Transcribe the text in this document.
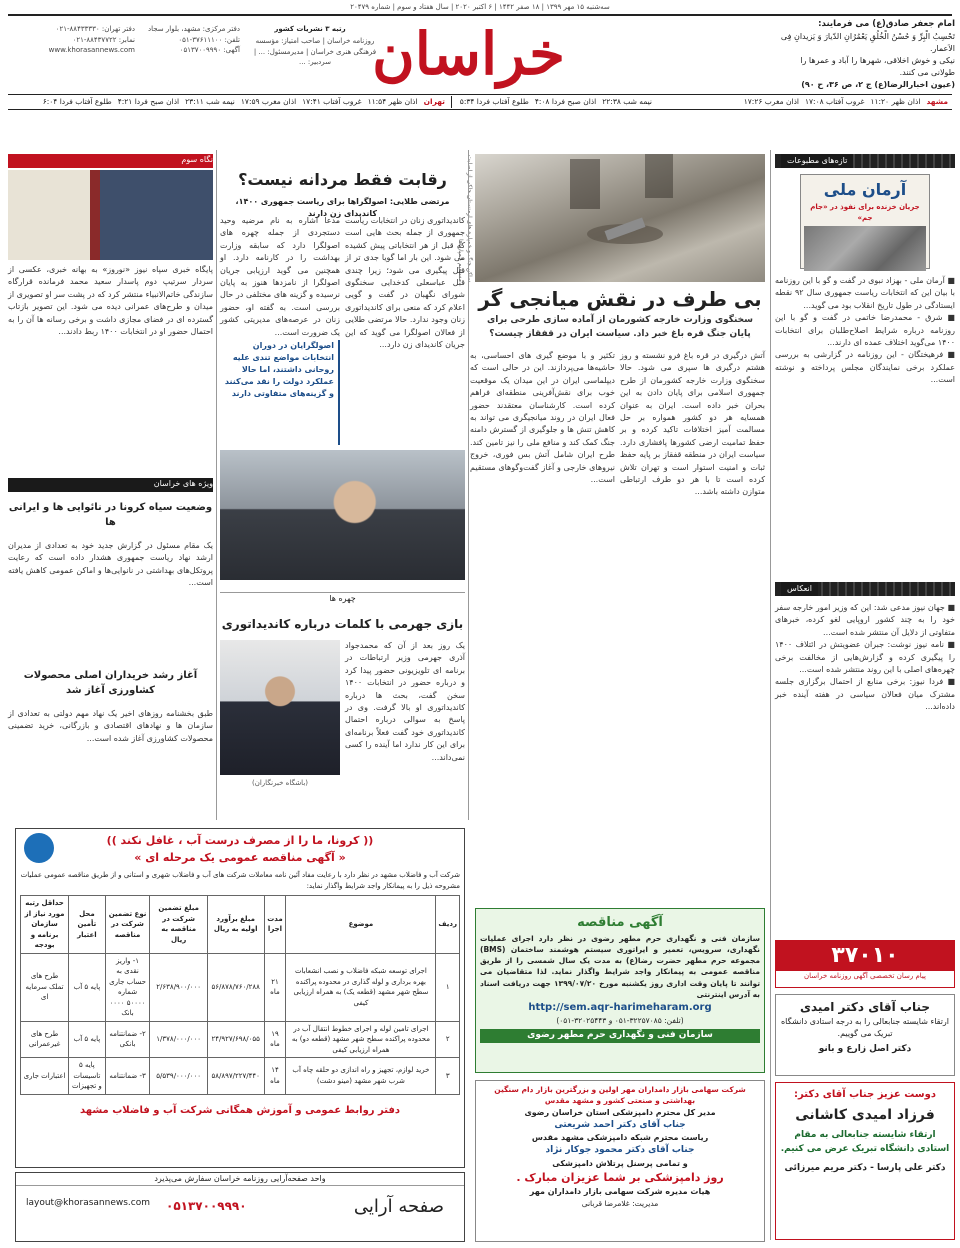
سه‌شنبه ۱۵ مهر ۱۳۹۹ | ۱۸ صفر ۱۴۴۲ | ۶ اکتبر ۲۰۲۰ | سال هفتاد و سوم | شماره ۲۰۴۷۹
امام جعفر صادق(ع) می فرمایند:
تَحْسِبُ الْبِرِّ وَ حُسْنُ الْخُلُقِ يَعْمُرُانِ الدّيارَ وَ يَزيدانِ فِى الاَعمار.
نیکی و خوش اخلاقی، شهرها را آباد و عمرها را طولانی می کنند.
(عیون اخبارالرضا(ع) ج ۲، ص ۳۶، ح ۹۰)
خراسان
رتبه ۳ نشریات کشور
روزنامه خراسان | صاحب امتیاز: مؤسسه فرهنگی هنری خراسان | مدیرمسئول: ... | سردبیر: ...
دفتر مرکزی: مشهد، بلوار سجاد
تلفن: ۳۷۶۱۱۱۰۰-۰۵۱
آگهی: ۰۵۱۳۷۰۰۹۹۹۰
دفتر تهران: ۸۸۴۳۳۳۳۰-۰۲۱
نمابر: ۸۸۴۳۷۷۲۲-۰۲۱
www.khorasannews.com
مشهد
اذان ظهر ۱۱:۲۰
غروب آفتاب ۱۷:۰۸
اذان مغرب ۱۷:۲۶
نیمه شب ۲۲:۳۸
اذان صبح فردا ۴:۰۸
طلوع آفتاب فردا ۵:۳۴
تهران
اذان ظهر ۱۱:۵۴
غروب آفتاب ۱۷:۴۱
اذان مغرب ۱۷:۵۹
نیمه شب ۲۳:۱۱
اذان صبح فردا ۴:۲۱
طلوع آفتاب فردا ۶:۰۴
تازه‌های مطبوعات
آرمان ملی
جریان خزنده برای نفوذ در «جام جم»
■ آرمان ملی - بهزاد نبوی در گفت و گو با این روزنامه با بیان این که انتخابات ریاست جمهوری سال ۹۲ نقطه ایستادگی در طول تاریخ انقلاب بود می گوید...
■ شرق - محمدرضا خاتمی در گفت و گو با این روزنامه درباره شرایط اصلاح‌طلبان برای انتخابات ۱۴۰۰ می‌گوید اختلاف عمده ای دارند...
■ فرهیختگان - این روزنامه در گزارشی به بررسی عملکرد برخی نمایندگان مجلس پرداخته و نوشته است...
انعکاس
■ جهان نیوز مدعی شد: این که وزیر امور خارجه سفر خود را به چند کشور اروپایی لغو کرده، خبرهای متفاوتی از دلایل آن منتشر شده است...
■ نامه نیوز نوشت: جبران عضویتش در ائتلاف ۱۴۰۰ را پیگیری کرده و گزارش‌هایی از مخالفت برخی چهره‌های اصلی با این روند منتشر شده است...
■ فردا نیوز: برخی منابع از احتمال برگزاری جلسه مشترک میان فعالان سیاسی در هفته آینده خبر داده‌اند...
۳۷۰۱۰
پیام رسان تخصصی آگهی روزنامه خراسان
جناب آقای دکتر امیدی
ارتقاء شایسته جنابعالی را به درجه استادی دانشگاه تبریک می گوییم.
دکتر اصل زارع و بانو
دوست عزیز جناب آقای دکتر:
فرزاد امیدی کاشانی
ارتقاء شایسته جنابعالی به مقام استادی دانشگاه تبریک عرض می کنیم.
دکتر علی پارسا - دکتر مریم میرزائی
ساکن جنگ و خمپاره های ارمنستان حاکی از اصابت مستقیم خمپاره‌ها
بی طرف در نقش میانجی گر
سخنگوی وزارت خارجه کشورمان از آماده سازی طرحی برای پایان جنگ قره باغ خبر داد. سیاست ایران در قفقاز چیست؟
آتش درگیری در قره باغ فرو نشسته و روز هشتم درگیری ها سپری می شود. حالا سخنگوی وزارت خارجه کشورمان از طرح جمهوری اسلامی برای پایان دادن به این بحران خبر داده است. ایران به عنوان همسایه هر دو کشور همواره بر حل مسالمت آمیز اختلافات تاکید کرده و بر حفظ تمامیت ارضی کشورها پافشاری دارد. سیاست ایران در منطقه قفقاز بر پایه حفظ ثبات و امنیت استوار است و تهران تلاش کرده است تا با هر دو طرف ارتباطی متوازن داشته باشد...
تکثیر و با موضع گیری های احساسی، به حاشیه‌ها می‌پردازند. این در حالی است که دیپلماسی ایران در این میدان یک موقعیت خوب برای نقش‌آفرینی منطقه‌ای فراهم کرده است. کارشناسان معتقدند حضور فعال ایران در روند میانجیگری می تواند به کاهش تنش ها و جلوگیری از گسترش دامنه جنگ کمک کند و منافع ملی را نیز تامین کند. طرح ایران شامل آتش بس فوری، خروج نیروهای خارجی و آغاز گفت‌وگوهای مستقیم است...
رقابت فقط مردانه نیست؟
مرتضی طلایی: اصولگراها برای ریاست جمهوری ۱۴۰۰، کاندیدای زن دارند
کاندیداتوری زنان در انتخابات ریاست جمهوری از جمله بحث هایی است که قبل از هر انتخاباتی پیش کشیده می شود. این بار اما گویا جدی تر از قبل پیگیری می شود؛ زیرا چندی قبل عباسعلی کدخدایی سخنگوی شورای نگهبان در گفت و گویی اعلام کرد که منعی برای کاندیداتوری زنان وجود ندارد. حالا مرتضی طلایی از فعالان اصولگرا می گوید که این جریان کاندیدای زن دارد...
مدعا اشاره به نام مرضیه وحید دستجردی از جمله چهره های اصولگرا دارد که سابقه وزارت بهداشت را در کارنامه دارد. او همچنین می گوید ارزیابی جریان اصولگرا از نامزدها هنوز به پایان نرسیده و گزینه های مختلفی در حال بررسی است. به گفته او، حضور زنان در عرصه‌های مدیریتی کشور یک ضرورت است...
اصولگرایان در دوران انتخابات مواضع تندی علیه روحانی داشتند، اما حالا عملکرد دولت را نقد می‌کنند و گزینه‌های متفاوتی دارند
چهره ها
بازی جهرمی با کلمات درباره کاندیداتوری
یک روز بعد از آن که محمدجواد آذری جهرمی وزیر ارتباطات در برنامه ای تلویزیونی حضور پیدا کرد و درباره حضور در انتخابات ۱۴۰۰ سخن گفت، بحث ها درباره کاندیداتوری او بالا گرفت. وی در پاسخ به سوالی درباره احتمال کاندیداتوری خود گفت فعلاً برنامه‌ای برای این کار ندارد اما آینده را کسی نمی‌داند...
(باشگاه خبرنگاران)
نگاه سوم
پایگاه خبری سپاه نیوز «نوروز» به بهانه خبری، عکسی از سردار سرتیپ دوم پاسدار سعید محمد فرمانده قرارگاه سازندگی خاتم‌الانبیاء منتشر کرد که در پشت سر او تصویری از میدان و طرح‌های عمرانی دیده می شود. این تصویر بازتاب گسترده ای در فضای مجازی داشت و برخی رسانه ها آن را به احتمال حضور او در انتخابات ۱۴۰۰ ربط دادند...
ویژه های خراسان
وضعیت سیاه کرونا در نائوایی ها و ایرانی ها
یک مقام مسئول در گزارش جدید خود به تعدادی از مدیران ارشد نهاد ریاست جمهوری هشدار داده است که رعایت پروتکل‌های بهداشتی در نانوایی‌ها و اماکن عمومی کاهش یافته است...
آغاز رشد خریداران اصلی محصولات کشاورزی آغاز شد
طبق بخشنامه روزهای اخیر یک نهاد مهم دولتی به تعدادی از سازمان ها و نهادهای اقتصادی و بازرگانی، خرید تضمینی محصولات کشاورزی آغاز شده است...
(( کرونا، ما را از مصرف درست آب ، غافل نکند ))
« آگهی مناقصه عمومی یک مرحله ای »
شرکت آب و فاضلاب مشهد در نظر دارد با رعایت مفاد آئین نامه معاملات شرکت های آب و فاضلاب شهری و استانی و از طریق مناقصه عمومی عملیات مشروحه ذیل را به پیمانکار واجد شرایط واگذار نماید:
ردیف	موضوع	مدت اجرا	مبلغ برآورد اولیه به ریال	مبلغ تضمین شرکت در مناقصه به ریال	نوع تضمین شرکت در مناقصه	محل تأمین اعتبار	حداقل رتبه مورد نیاز از سازمان برنامه و بودجه
۱	اجرای توسعه شبکه فاضلاب و نصب انشعابات بهره برداری و لوله گذاری در محدوده پراکنده سطح شهر مشهد (قطعه یک) به همراه ارزیابی کیفی	۲۱ ماه	۵۶/۸۷۸/۷۶۰/۲۸۸	۲/۶۳۸/۹۰۰/۰۰۰	۱- واریز نقدی به حساب جاری شماره ۵۰۰۰۰ ۰۰۰۰ بانک	پایه ۵ آب	طرح های تملک سرمایه ای
۲	اجرای تامین لوله و اجرای خطوط انتقال آب در محدوده پراکنده سطح شهر مشهد (قطعه دو) به همراه ارزیابی کیفی	۱۹ ماه	۲۴/۹۲۷/۶۹۸/۰۵۵	۱/۳۷۸/۰۰۰/۰۰۰	۲- ضمانتنامه بانکی	پایه ۵ آب	طرح های غیرعمرانی
۳	خرید لوازم، تجهیز و راه اندازی دو حلقه چاه آب شرب شهر مشهد (مینو دشت)	۱۴ ماه	۵۸/۸۹۷/۲۲۷/۴۴۰	۵/۵۳۹/۰۰۰/۰۰۰	۳- ضمانتنامه	پایه ۵ تاسیسات و تجهیزات	اعتبارات جاری
دفتر روابط عمومی و آموزش همگانی شرکت آب و فاضلاب مشهد
واحد صفحه‌آرایی روزنامه خراسان سفارش می‌پذیرد
صفحه آرایی
۰۵۱۳۷۰۰۹۹۹۰
layout@khorasannews.com
آگهی مناقصه
سازمان فنی و نگهداری حرم مطهر رضوی در نظر دارد اجرای عملیات نگهداری، سرویس، تعمیر و ایراتوری سیستم هوشمند ساختمان (BMS) مجموعه حرم مطهر حضرت رضا(ع) به مدت یک سال شمسی را از طریق مناقصه عمومی به پیمانکار واجد شرایط واگذار نماید. لذا متقاضیان می توانند تا پایان وقت اداری روز یکشنبه مورخ ۱۳۹۹/۰۷/۲۰ جهت دریافت اسناد به آدرس اینترنتی
http://sem.aqr-harimeharam.org
(تلفن: ۳۲۲۵۷۰۸۵-۰۵۱ و ۳۲۰۲۵۴۴۳-۰۵۱)
سازمان فنی و نگهداری حرم مطهر رضوی
شرکت سهامی بازار دامداران مهر اولین و بزرگترین بازار دام سنگین بهداشتی و صنعتی کشور و مشهد مقدس
مدیر کل محترم دامپزشکی استان خراسان رضوی
جناب آقای دکتر احمد شریعتی
ریاست محترم شبکه دامپزشکی مشهد مقدس
جناب آقای دکتر محمود جوکار نژاد
و تمامی پرسنل پرتلاش دامپزشکی
روز دامپزشکی بر شما عزیزان مبارک .
هیات مدیره شرکت سهامی بازار دامداران مهر
مدیریت: غلامرضا قربانی
